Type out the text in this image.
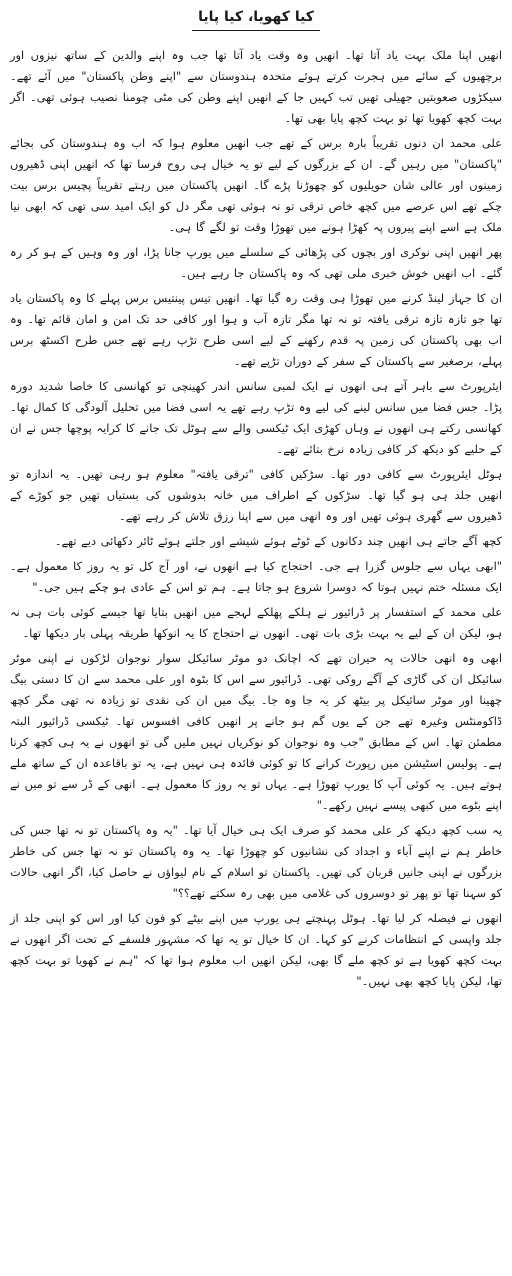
کیا کھویا، کیا پایا

انھیں اپنا ملک بہت یاد آتا تھا۔ انھیں وہ وقت یاد آتا تھا جب وہ اپنے والدین کے ساتھ نیزوں اور برچھیوں کے سائے میں ہجرت کرتے ہوئے متحدہ ہندوستان سے "اپنے وطن پاکستان" میں آئے تھے۔ سیکڑوں صعوبتیں جھیلی تھیں تب کہیں جا کے انھیں اپنے وطن کی مٹی چومنا نصیب ہوئی تھی۔ اگر بہت کچھ کھویا تھا تو بہت کچھ پایا بھی تھا۔

علی محمد ان دنوں تقریباً بارہ برس کے تھے جب انھیں معلوم ہوا کہ اب وہ ہندوستان کی بجائے "پاکستان" میں رہیں گے۔ ان کے بزرگوں کے لیے تو یہ خیال ہی روح فرسا تھا کہ انھیں اپنی ڈھیروں زمینوں اور عالی شان حویلیوں کو چھوڑنا پڑے گا۔ انھیں پاکستان میں رہتے تقریباً پچیس برس بیت چکے تھے اس عرصے میں کچھ خاص ترقی تو نہ ہوئی تھی مگر دل کو ایک امید سی تھی کہ ابھی نیا ملک ہے اسے اپنے پیروں پہ کھڑا ہونے میں تھوڑا وقت تو لگے گا ہی۔

پھر انھیں اپنی نوکری اور بچوں کی پڑھائی کے سلسلے میں یورپ جانا پڑا، اور وہ وہیں کے ہو کر رہ گئے۔ اب انھیں خوش خبری ملی تھی کہ وہ پاکستان جا رہے ہیں۔

ان کا جہاز لینڈ کرنے میں تھوڑا ہی وقت رہ گیا تھا۔ انھیں تیس پینتیس برس پہلے کا وہ پاکستان یاد تھا جو تازہ تازہ ترقی یافتہ تو نہ تھا مگر تازہ آب و ہوا اور کافی حد تک امن و امان قائم تھا۔ وہ اب بھی پاکستان کی زمین پہ قدم رکھنے کے لیے اسی طرح تڑپ رہے تھے جس طرح اکسٹھ برس پہلے، برصغیر سے پاکستان کے سفر کے دوران تڑپے تھے۔

ایئرپورٹ سے باہر آتے ہی انھوں نے ایک لمبی سانس اندر کھینچی تو کھانسی کا خاصا شدید دورہ پڑا۔ جس فضا میں سانس لینے کی لیے وہ تڑپ رہے تھے یہ اسی فضا میں تحلیل آلودگی کا کمال تھا۔ کھانسی رکتے ہی انھوں نے وہاں کھڑی ایک ٹیکسی والے سے ہوٹل تک جانے کا کرایہ پوچھا جس نے ان کے حلیے کو دیکھ کر کافی زیادہ نرخ بتائے تھے۔

ہوٹل ایئرپورٹ سے کافی دور تھا۔ سڑکیں کافی "ترقی یافتہ" معلوم ہو رہی تھیں۔ یہ اندازہ تو انھیں جلد ہی ہو گیا تھا۔ سڑکوں کے اطراف میں خانہ بدوشوں کی بستیاں تھیں جو کوڑے کے ڈھیروں سے گھری ہوئی تھیں اور وہ انھی میں سے اپنا رزق تلاش کر رہے تھے۔

کچھ آگے جاتے ہی انھیں چند دکانوں کے ٹوٹے ہوئے شیشے اور جلتے ہوئے ٹائر دکھائی دیے تھے۔

"ابھی یہاں سے جلوس گزرا ہے جی۔ احتجاج کیا ہے انھوں نے، اور آج کل تو یہ روز کا معمول ہے۔ ایک مسئلہ ختم نہیں ہوتا کہ دوسرا شروع ہو جاتا ہے۔ ہم تو اس کے عادی ہو چکے ہیں جی۔"

علی محمد کے استفسار پر ڈرائیور نے ہلکے پھلکے لہجے میں انھیں بتایا تھا جیسے کوئی بات ہی نہ ہو، لیکن ان کے لیے یہ بہت بڑی بات تھی۔ انھوں نے احتجاج کا یہ انوکھا طریقہ پہلی بار دیکھا تھا۔

ابھی وہ انھی حالات پہ حیران تھے کہ اچانک دو موٹر سائیکل سوار نوجوان لڑکوں نے اپنی موٹر سائیکل ان کی گاڑی کے آگے روکی تھی۔ ڈرائیور سے اس کا بٹوہ اور علی محمد سے ان کا دستی بیگ چھینا اور موٹر سائیکل پر بیٹھ کر یہ جا وہ جا۔ بیگ میں ان کی نقدی تو زیادہ نہ تھی مگر کچھ ڈاکومنٹس وغیرہ تھے جن کے یوں گم ہو جانے پر انھیں کافی افسوس تھا۔ ٹیکسی ڈرائیور البتہ مطمئن تھا۔ اس کے مطابق "جب وہ نوجوان کو نوکریاں نہیں ملیں گی تو انھوں نے یہ ہی کچھ کرنا ہے۔ پولیس اسٹیشن میں رپورٹ کرانے کا تو کوئی فائدہ ہی نہیں ہے، یہ تو باقاعدہ ان کے ساتھ ملے ہوتے ہیں۔ یہ کوئی آپ کا یورپ تھوڑا ہے۔ یہاں تو یہ روز کا معمول ہے۔ انھی کے ڈر سے تو میں نے اپنے بٹوے میں کبھی پیسے نہیں رکھے۔"

یہ سب کچھ دیکھ کر علی محمد کو صرف ایک ہی خیال آیا تھا۔ "یہ وہ پاکستان تو نہ تھا جس کی خاطر ہم نے اپنے آباء و اجداد کی نشانیوں کو چھوڑا تھا۔ یہ وہ پاکستان تو نہ تھا جس کی خاطر بزرگوں نے اپنی جانیں قربان کی تھیں۔ پاکستان تو اسلام کے نام لیواؤں نے حاصل کیا، اگر انھی حالات کو سہنا تھا تو پھر تو دوسروں کی غلامی میں بھی رہ سکتے تھے؟؟"

انھوں نے فیصلہ کر لیا تھا۔ ہوٹل پہنچتے ہی یورپ میں اپنے بیٹے کو فون کیا اور اس کو اپنی جلد از جلد واپسی کے انتظامات کرنے کو کہا۔ ان کا خیال تو یہ تھا کہ مشہور فلسفے کے تحت اگر انھوں نے بہت کچھ کھویا ہے تو کچھ ملے گا بھی، لیکن انھیں اب معلوم ہوا تھا کہ "ہم نے کھویا تو بہت کچھ تھا، لیکن پایا کچھ بھی نہیں۔"
